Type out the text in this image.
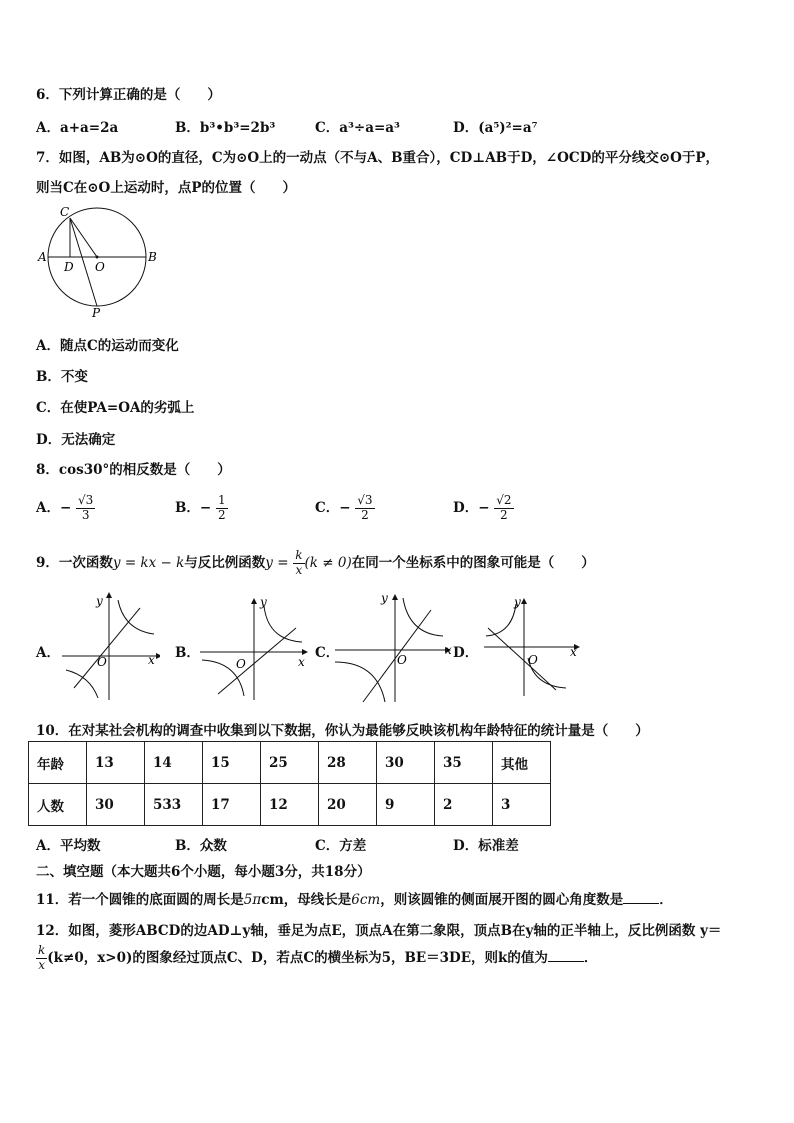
6．下列计算正确的是（　　）
A．a+a=2a	B．b³•b³=2b³	C．a³÷a=a³	D．(a⁵)²=a⁷
7．如图，AB为⊙O的直径，C为⊙O上的一动点（不与A、B重合），CD⊥AB于D，∠OCD的平分线交⊙O于P，
则当C在⊙O上运动时，点P的位置（　　）
C
A
D O
B
P
A．随点C的运动而变化
B．不变
C．在使PA=OA的劣弧上
D．无法确定
8．cos30°的相反数是（　　）
A．− $\frac{√3}{3}$	B．− $\frac{1}{2}$	C．− $\frac{√3}{2}$	D．− $\frac{√2}{2}$
9．一次函数y = kx − k与反比例函数$y = \frac{k}{x} (k \ne 0)$在同一个坐标系中的图象可能是（　　）
A．
y
x
O
B．
y
x
O
C．
y
x
O	D．
y
x
O
10．在对某社会机构的调查中收集到以下数据，你认为最能够反映该机构年龄特征的统计量是（　　）
年龄	13	14	15	25	28	30	35	其他
人数	30	533	17	12	20	9	2	3
A．平均数	B．众数	C．方差	D．标准差
二、填空题（本大题共6个小题，每小题3分，共18分）
11．若一个圆锥的底面圆的周长是5πcm，母线长是6cm，则该圆锥的侧面展开图的圆心角度数是	．
12．如图，菱形ABCD的边AD⊥y轴，垂足为点E，顶点A在第二象限，顶点B在y轴的正半轴上，反比例函数 y＝
$\frac{k}{x} (k\ne 0$，x>0)的图象经过顶点C、D，若点C的横坐标为5，BE＝3DE，则k的值为	．
